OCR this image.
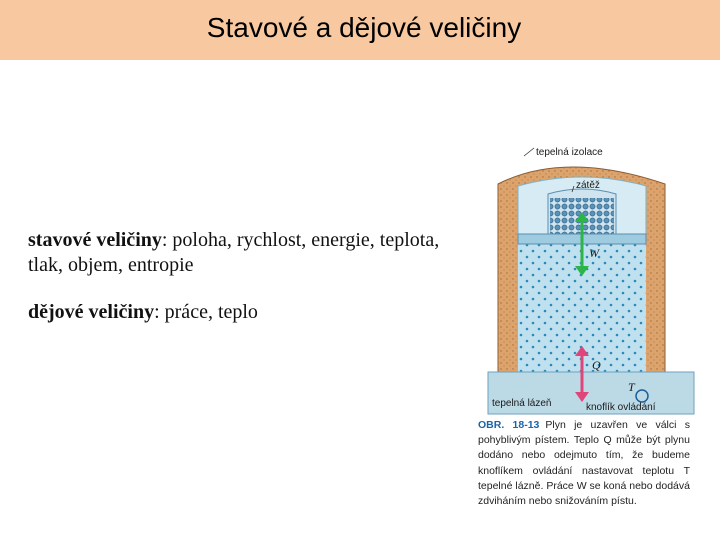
Stavové a dějové veličiny
stavové veličiny: poloha, rychlost, energie, teplota, tlak, objem, entropie
dějové veličiny: práce, teplo
tepelná izolace
zátěž
W
Q
T
tepelná lázeň	knoflík ovládání
OBR. 18-13 Plyn je uzavřen ve válci s pohyblivým pístem. Teplo Q může být plynu dodáno nebo odejmuto tím, že budeme knoflíkem ovládání nastavovat teplotu T tepelné lázně. Práce W se koná nebo dodává zdviháním nebo snižováním pístu.
